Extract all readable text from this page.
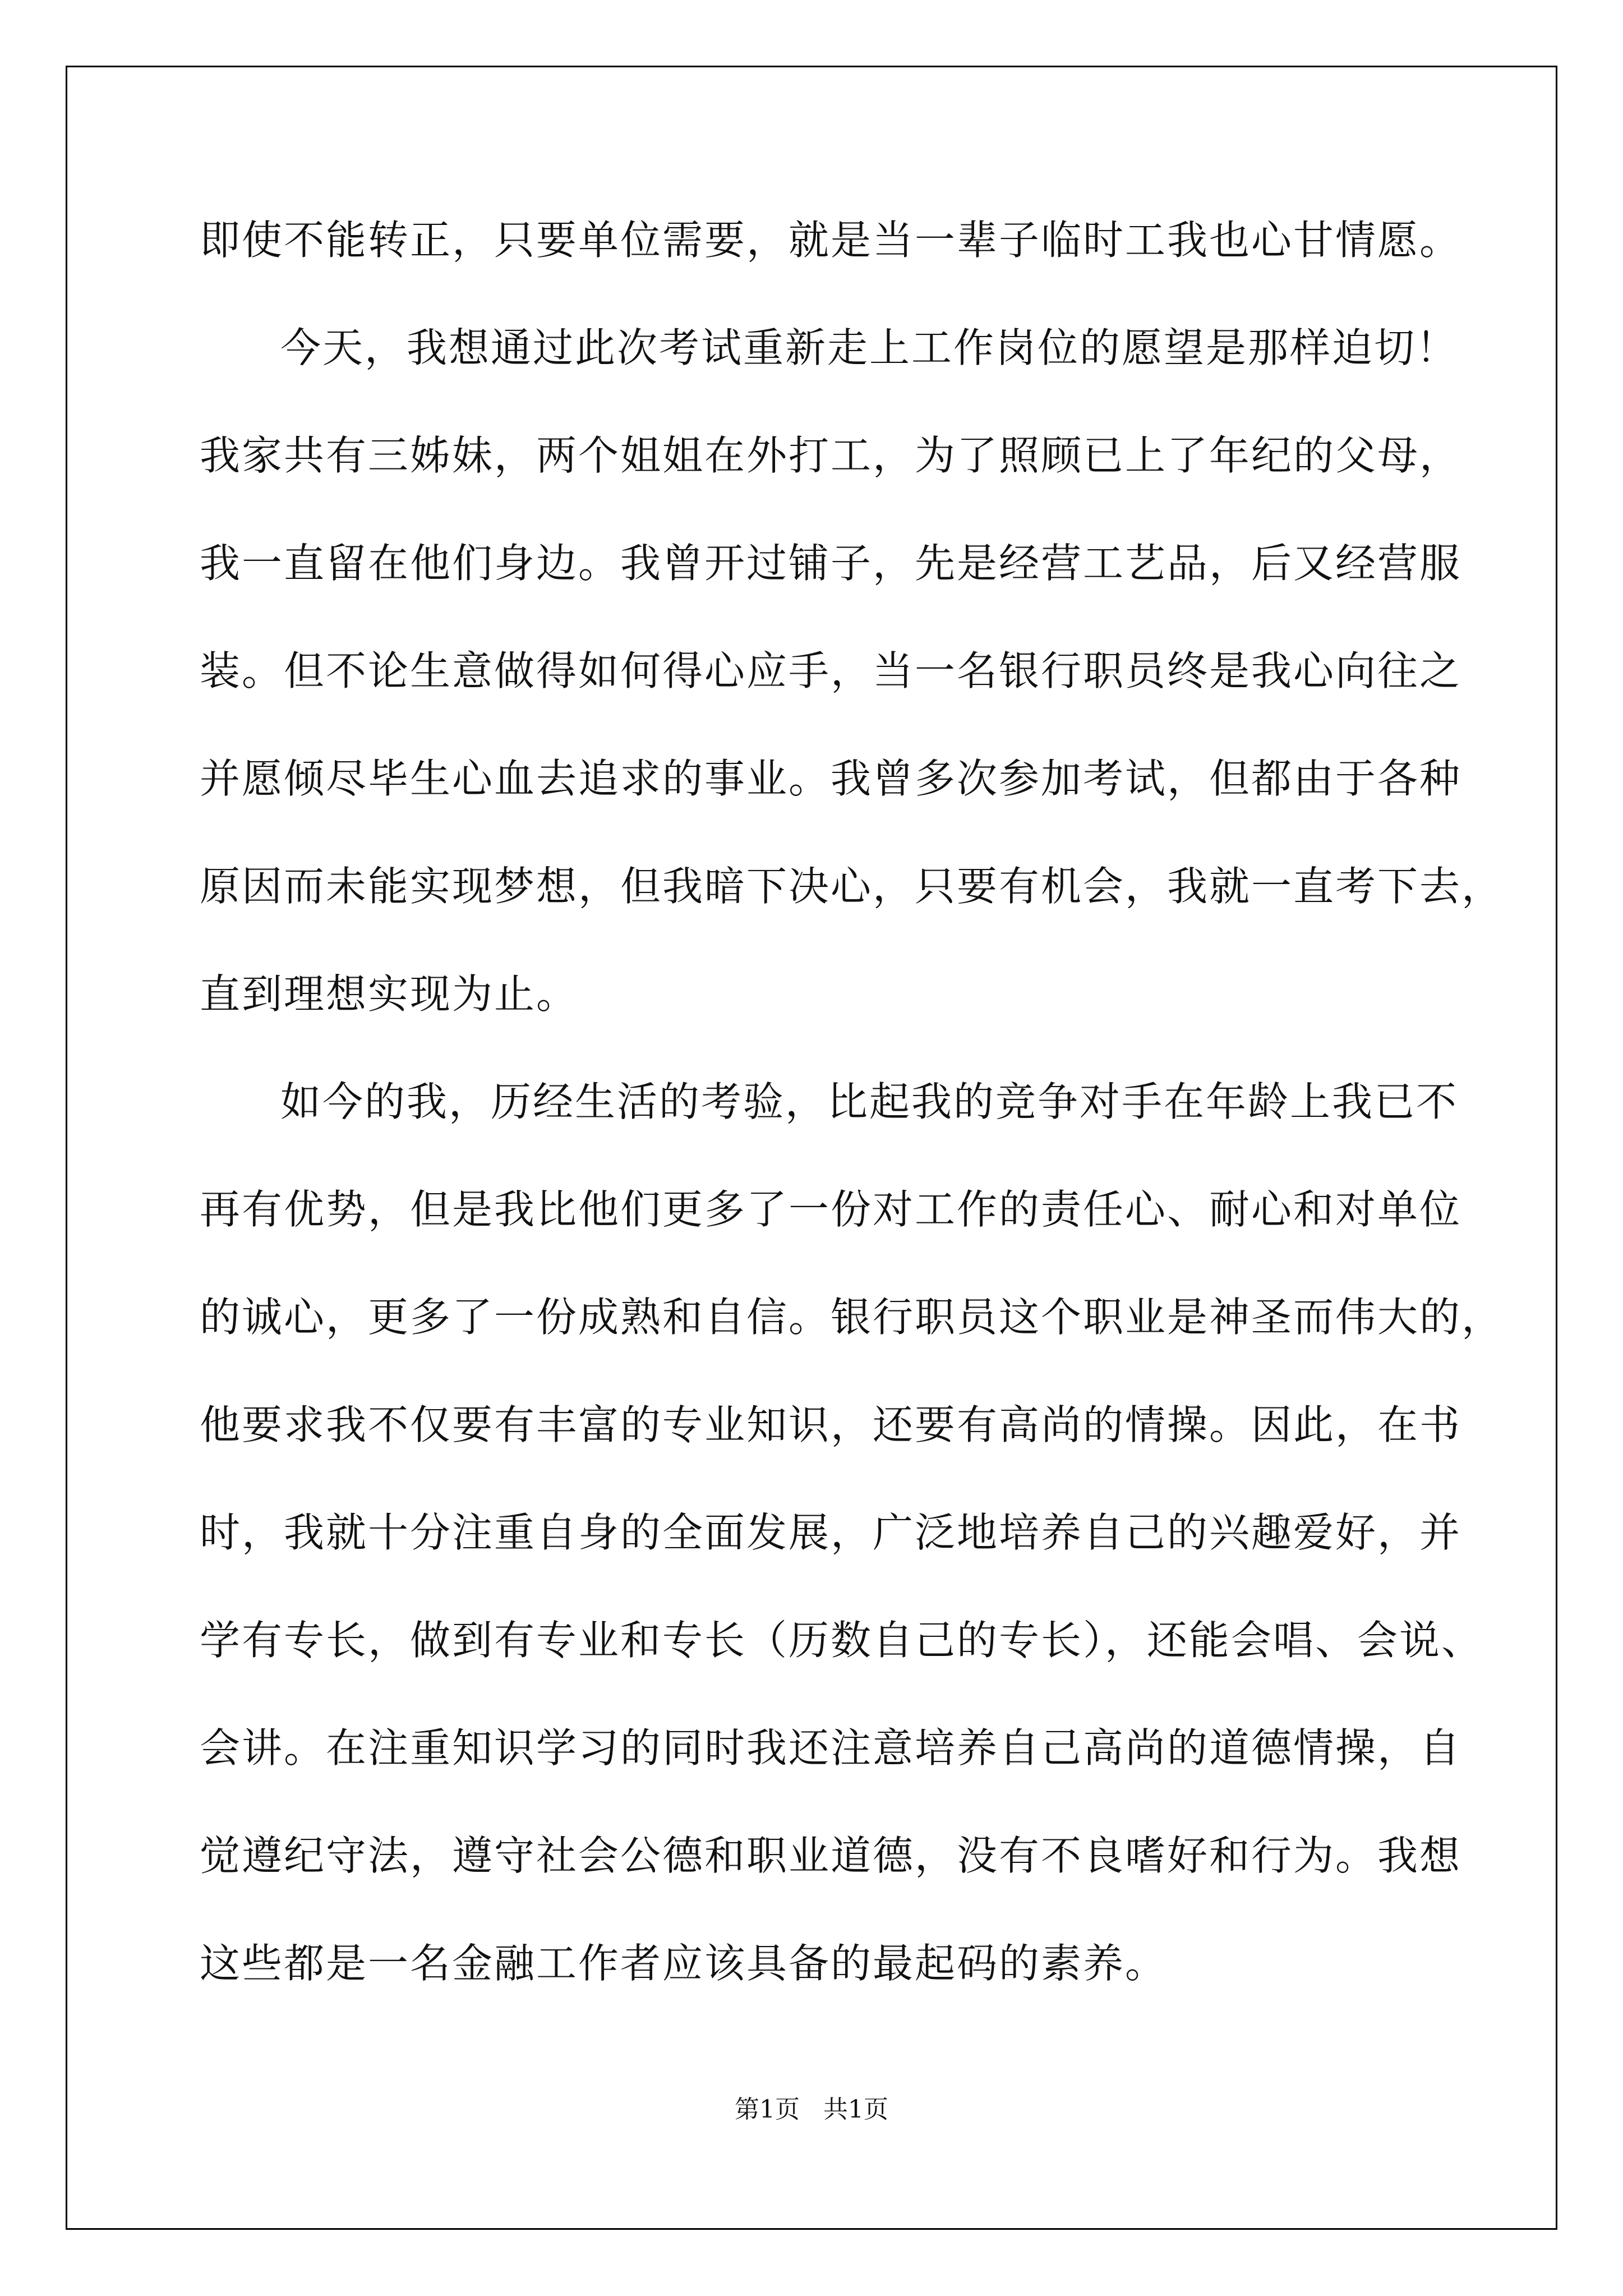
即使不能转正，只要单位需要，就是当一辈子临时工我也心甘情愿。
今天，我想通过此次考试重新走上工作岗位的愿望是那样迫切！
我家共有三姊妹，两个姐姐在外打工，为了照顾已上了年纪的父母，
我一直留在他们身边。我曾开过铺子，先是经营工艺品，后又经营服
装。但不论生意做得如何得心应手，当一名银行职员终是我心向往之
并愿倾尽毕生心血去追求的事业。我曾多次参加考试，但都由于各种
原因而未能实现梦想，但我暗下决心，只要有机会，我就一直考下去，
直到理想实现为止。
如今的我，历经生活的考验，比起我的竞争对手在年龄上我已不
再有优势，但是我比他们更多了一份对工作的责任心、耐心和对单位
的诚心，更多了一份成熟和自信。银行职员这个职业是神圣而伟大的，
他要求我不仅要有丰富的专业知识，还要有高尚的情操。因此，在书
时，我就十分注重自身的全面发展，广泛地培养自己的兴趣爱好，并
学有专长，做到有专业和专长（历数自己的专长），还能会唱、会说、
会讲。在注重知识学习的同时我还注意培养自己高尚的道德情操，自
觉遵纪守法，遵守社会公德和职业道德，没有不良嗜好和行为。我想
这些都是一名金融工作者应该具备的最起码的素养。
第1页   共1页
